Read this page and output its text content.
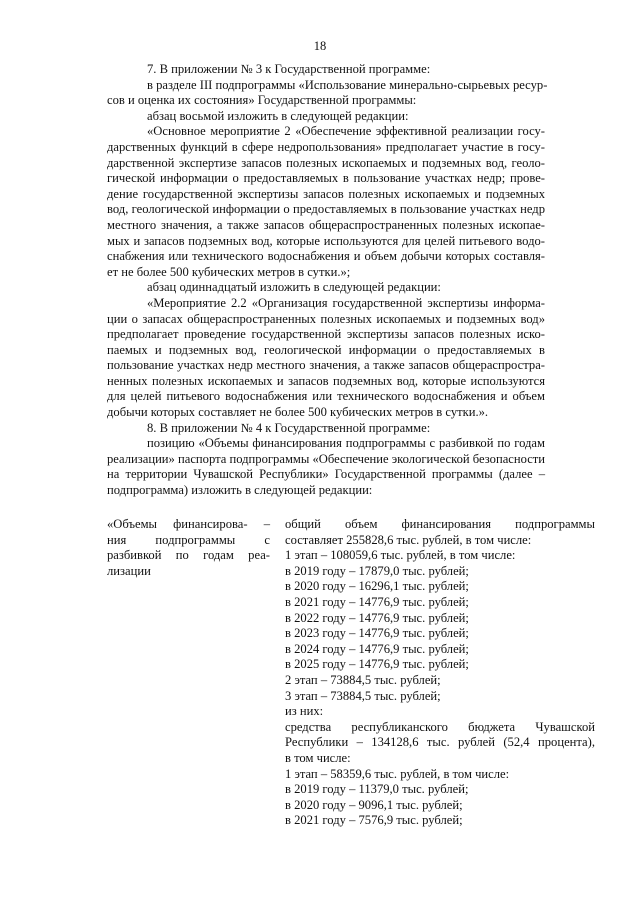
18
7. В приложении № 3 к Государственной программе:
в разделе III подпрограммы «Использование минерально-сырьевых ресур-
сов и оценка их состояния» Государственной программы:
абзац восьмой изложить в следующей редакции:
«Основное мероприятие 2 «Обеспечение эффективной реализации госу-
дарственных функций в сфере недропользования» предполагает участие в госу-
дарственной экспертизе запасов полезных ископаемых и подземных вод, геоло-
гической информации о предоставляемых в пользование участках недр; прове-
дение государственной экспертизы запасов полезных ископаемых и подземных
вод, геологической информации о предоставляемых в пользование участках недр
местного значения, а также запасов общераспространенных полезных ископае-
мых и запасов подземных вод, которые используются для целей питьевого водо-
снабжения или технического водоснабжения и объем добычи которых составля-
ет не более 500 кубических метров в сутки.»;
абзац одиннадцатый изложить в следующей редакции:
«Мероприятие 2.2 «Организация государственной экспертизы информа-
ции о запасах общераспространенных полезных ископаемых и подземных вод»
предполагает проведение государственной экспертизы запасов полезных иско-
паемых и подземных вод, геологической информации о предоставляемых в
пользование участках недр местного значения, а также запасов общераспростра-
ненных полезных ископаемых и запасов подземных вод, которые используются
для целей питьевого водоснабжения или технического водоснабжения и объем
добычи которых составляет не более 500 кубических метров в сутки.».
8. В приложении № 4 к Государственной программе:
позицию «Объемы финансирования подпрограммы с разбивкой по годам
реализации» паспорта подпрограммы «Обеспечение экологической безопасности
на территории Чувашской Республики» Государственной программы (далее –
подпрограмма) изложить в следующей редакции:
«Объемы финансирова- –
ния подпрограммы с
разбивкой по годам реа-
лизации
общий объем финансирования подпрограммы
составляет 255828,6 тыс. рублей, в том числе:
1 этап – 108059,6 тыс. рублей, в том числе:
в 2019 году – 17879,0 тыс. рублей;
в 2020 году – 16296,1 тыс. рублей;
в 2021 году – 14776,9 тыс. рублей;
в 2022 году – 14776,9 тыс. рублей;
в 2023 году – 14776,9 тыс. рублей;
в 2024 году – 14776,9 тыс. рублей;
в 2025 году – 14776,9 тыс. рублей;
2 этап – 73884,5 тыс. рублей;
3 этап – 73884,5 тыс. рублей;
из них:
средства республиканского бюджета Чувашской
Республики – 134128,6 тыс. рублей (52,4 процента),
в том числе:
1 этап – 58359,6 тыс. рублей, в том числе:
в 2019 году – 11379,0 тыс. рублей;
в 2020 году – 9096,1 тыс. рублей;
в 2021 году – 7576,9 тыс. рублей;
